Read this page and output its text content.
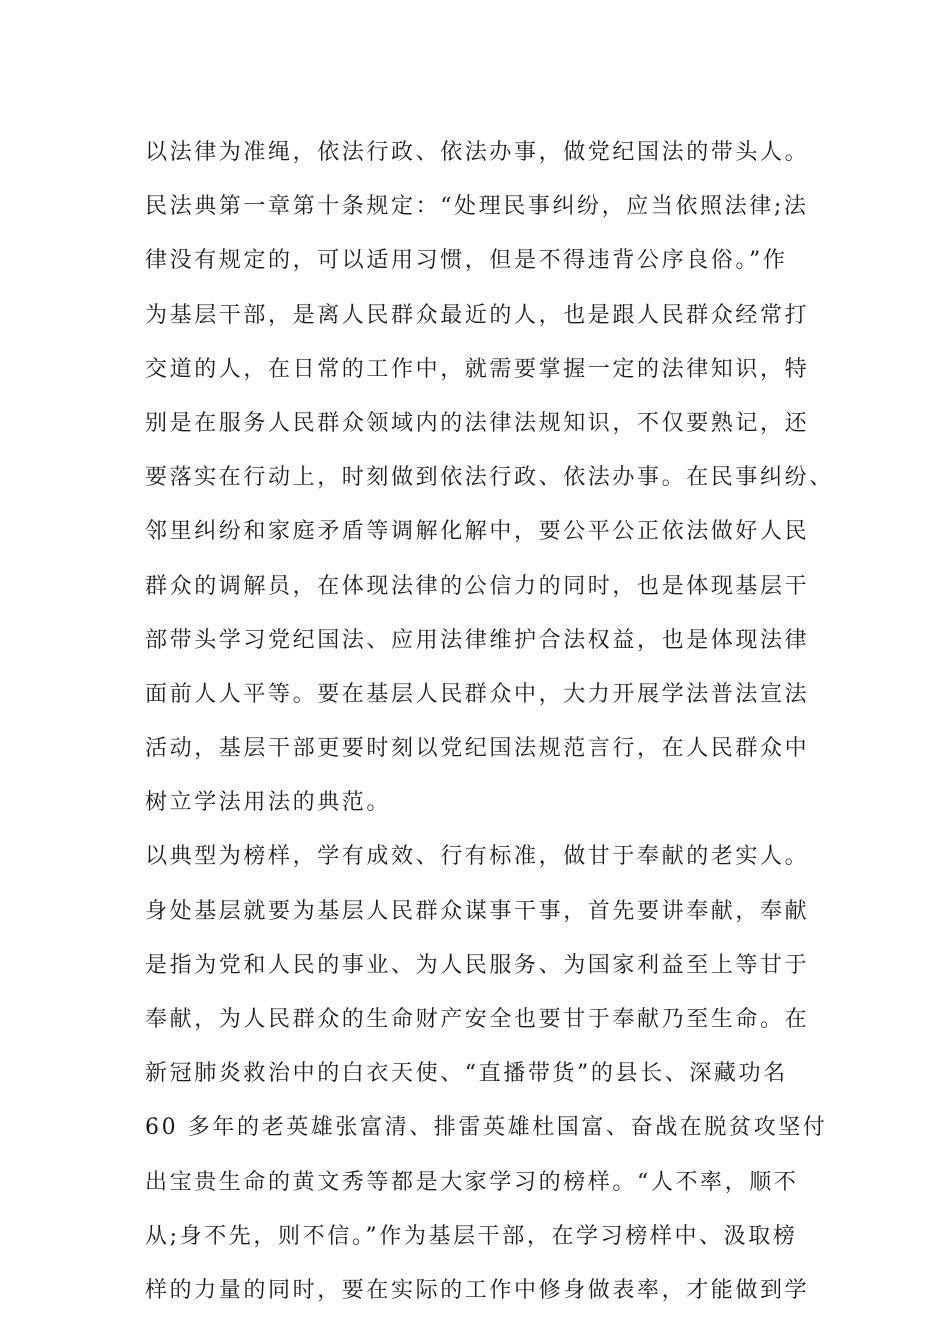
以法律为准绳，依法行政、依法办事，做党纪国法的带头人。
民法典第一章第十条规定：“处理民事纠纷，应当依照法律;法
律没有规定的，可以适用习惯，但是不得违背公序良俗。”作
为基层干部，是离人民群众最近的人，也是跟人民群众经常打
交道的人，在日常的工作中，就需要掌握一定的法律知识，特
别是在服务人民群众领域内的法律法规知识，不仅要熟记，还
要落实在行动上，时刻做到依法行政、依法办事。在民事纠纷、
邻里纠纷和家庭矛盾等调解化解中，要公平公正依法做好人民
群众的调解员，在体现法律的公信力的同时，也是体现基层干
部带头学习党纪国法、应用法律维护合法权益，也是体现法律
面前人人平等。要在基层人民群众中，大力开展学法普法宣法
活动，基层干部更要时刻以党纪国法规范言行，在人民群众中
树立学法用法的典范。
以典型为榜样，学有成效、行有标准，做甘于奉献的老实人。
身处基层就要为基层人民群众谋事干事，首先要讲奉献，奉献
是指为党和人民的事业、为人民服务、为国家利益至上等甘于
奉献，为人民群众的生命财产安全也要甘于奉献乃至生命。在
新冠肺炎救治中的白衣天使、“直播带货”的县长、深藏功名
60 多年的老英雄张富清、排雷英雄杜国富、奋战在脱贫攻坚付
出宝贵生命的黄文秀等都是大家学习的榜样。“人不率，顺不
从;身不先，则不信。”作为基层干部，在学习榜样中、汲取榜
样的力量的同时，要在实际的工作中修身做表率，才能做到学
